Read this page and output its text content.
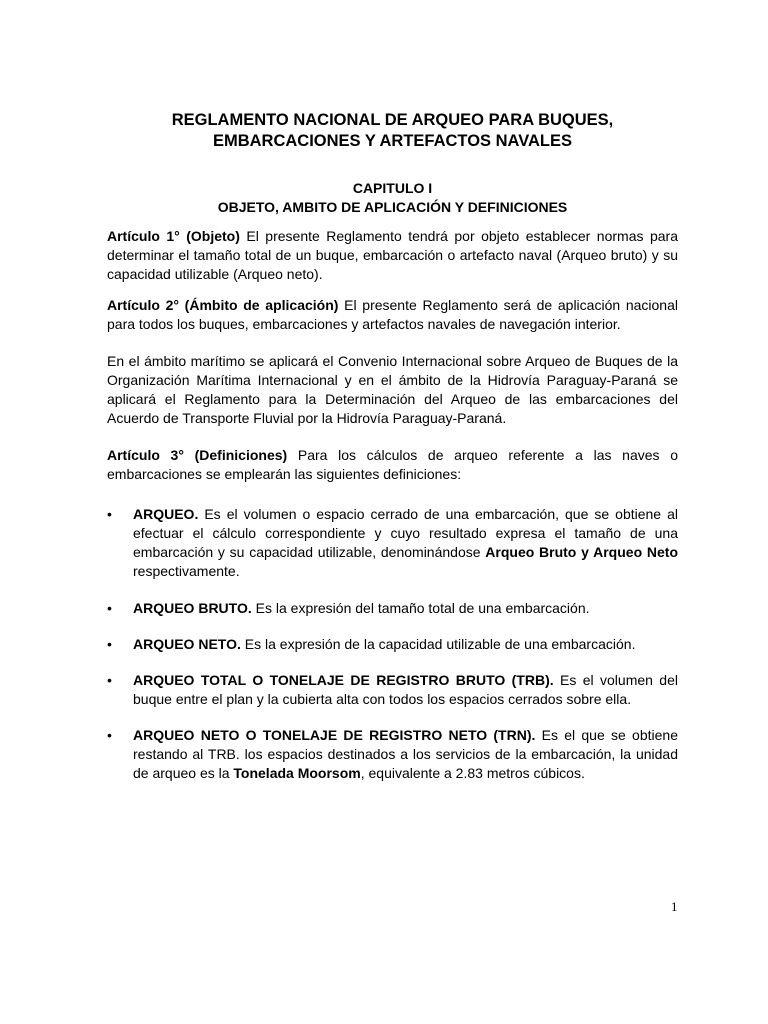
REGLAMENTO NACIONAL DE ARQUEO PARA BUQUES,

EMBARCACIONES Y ARTEFACTOS NAVALES

CAPITULO I

OBJETO, AMBITO DE APLICACIÓN Y DEFINICIONES

Artículo 1° (Objeto) El presente Reglamento tendrá por objeto establecer normas para determinar el tamaño total de un buque, embarcación o artefacto naval (Arqueo bruto) y su capacidad utilizable (Arqueo neto).

Artículo 2° (Ámbito de aplicación) El presente Reglamento será de aplicación nacional para todos los buques, embarcaciones y artefactos navales de navegación interior.

En el ámbito marítimo se aplicará el Convenio Internacional sobre Arqueo de Buques de la Organización Marítima Internacional y en el ámbito de la Hidrovía Paraguay-Paraná se aplicará el Reglamento para la Determinación del Arqueo de las embarcaciones del Acuerdo de Transporte Fluvial por la Hidrovía Paraguay-Paraná.

Artículo 3° (Definiciones) Para los cálculos de arqueo referente a las naves o embarcaciones se emplearán las siguientes definiciones:

•	ARQUEO. Es el volumen o espacio cerrado de una embarcación, que se obtiene al efectuar el cálculo correspondiente y cuyo resultado expresa el tamaño de una embarcación y su capacidad utilizable, denominándose Arqueo Bruto y Arqueo Neto respectivamente.
•	ARQUEO BRUTO. Es la expresión del tamaño total de una embarcación.
•	ARQUEO NETO. Es la expresión de la capacidad utilizable de una embarcación.
•	ARQUEO TOTAL O TONELAJE DE REGISTRO BRUTO (TRB). Es el volumen del buque entre el plan y la cubierta alta con todos los espacios cerrados sobre ella.
•	ARQUEO NETO O TONELAJE DE REGISTRO NETO (TRN). Es el que se obtiene restando al TRB. los espacios destinados a los servicios de la embarcación, la unidad de arqueo es la Tonelada Moorsom, equivalente a 2.83 metros cúbicos.
1
